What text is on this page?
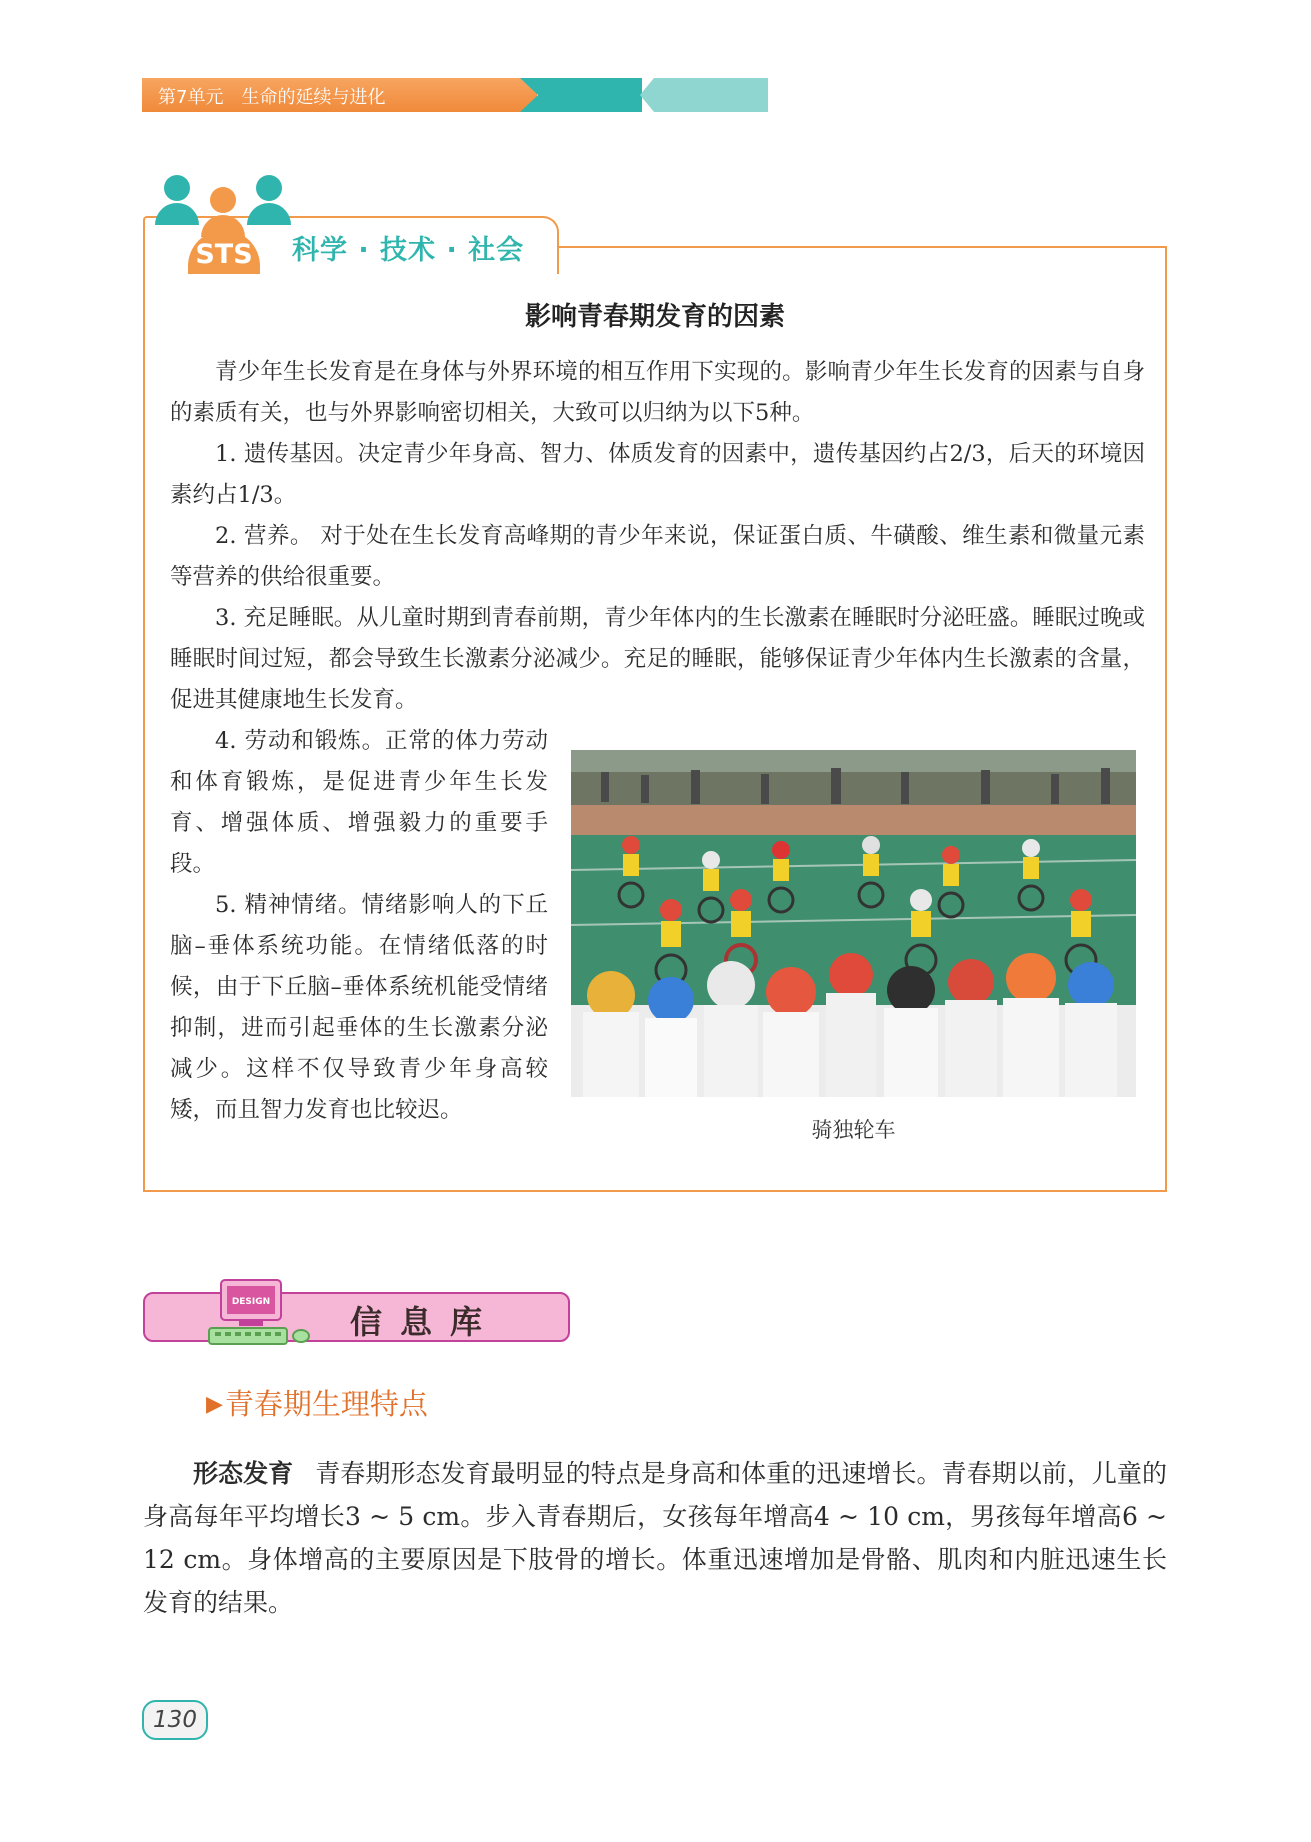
第7单元 生命的延续与进化
STS 科学 · 技术 · 社会
影响青春期发育的因素

青少年生长发育是在身体与外界环境的相互作用下实现的。影响青少年生长发育的因素与自身的素质有关，也与外界影响密切相关，大致可以归纳为以下5种。

1. 遗传基因。决定青少年身高、智力、体质发育的因素中，遗传基因约占2/3，后天的环境因素约占1/3。

2. 营养。 对于处在生长发育高峰期的青少年来说，保证蛋白质、牛磺酸、维生素和微量元素等营养的供给很重要。

3. 充足睡眠。从儿童时期到青春前期，青少年体内的生长激素在睡眠时分泌旺盛。睡眠过晚或睡眠时间过短，都会导致生长激素分泌减少。充足的睡眠，能够保证青少年体内生长激素的含量，促进其健康地生长发育。

4. 劳动和锻炼。正常的体力劳动和体育锻炼，是促进青少年生长发育、增强体质、增强毅力的重要手段。

5. 精神情绪。情绪影响人的下丘脑–垂体系统功能。在情绪低落的时候，由于下丘脑–垂体系统机能受情绪抑制，进而引起垂体的生长激素分泌减少。这样不仅导致青少年身高较矮，而且智力发育也比较迟。

骑独轮车
DESIGN
信息库
▶青春期生理特点

形态发育 青春期形态发育最明显的特点是身高和体重的迅速增长。青春期以前，儿童的身高每年平均增长3 ~ 5 cm。步入青春期后，女孩每年增高4 ~ 10 cm，男孩每年增高6 ~ 12 cm。身体增高的主要原因是下肢骨的增长。体重迅速增加是骨骼、肌肉和内脏迅速生长发育的结果。

130
